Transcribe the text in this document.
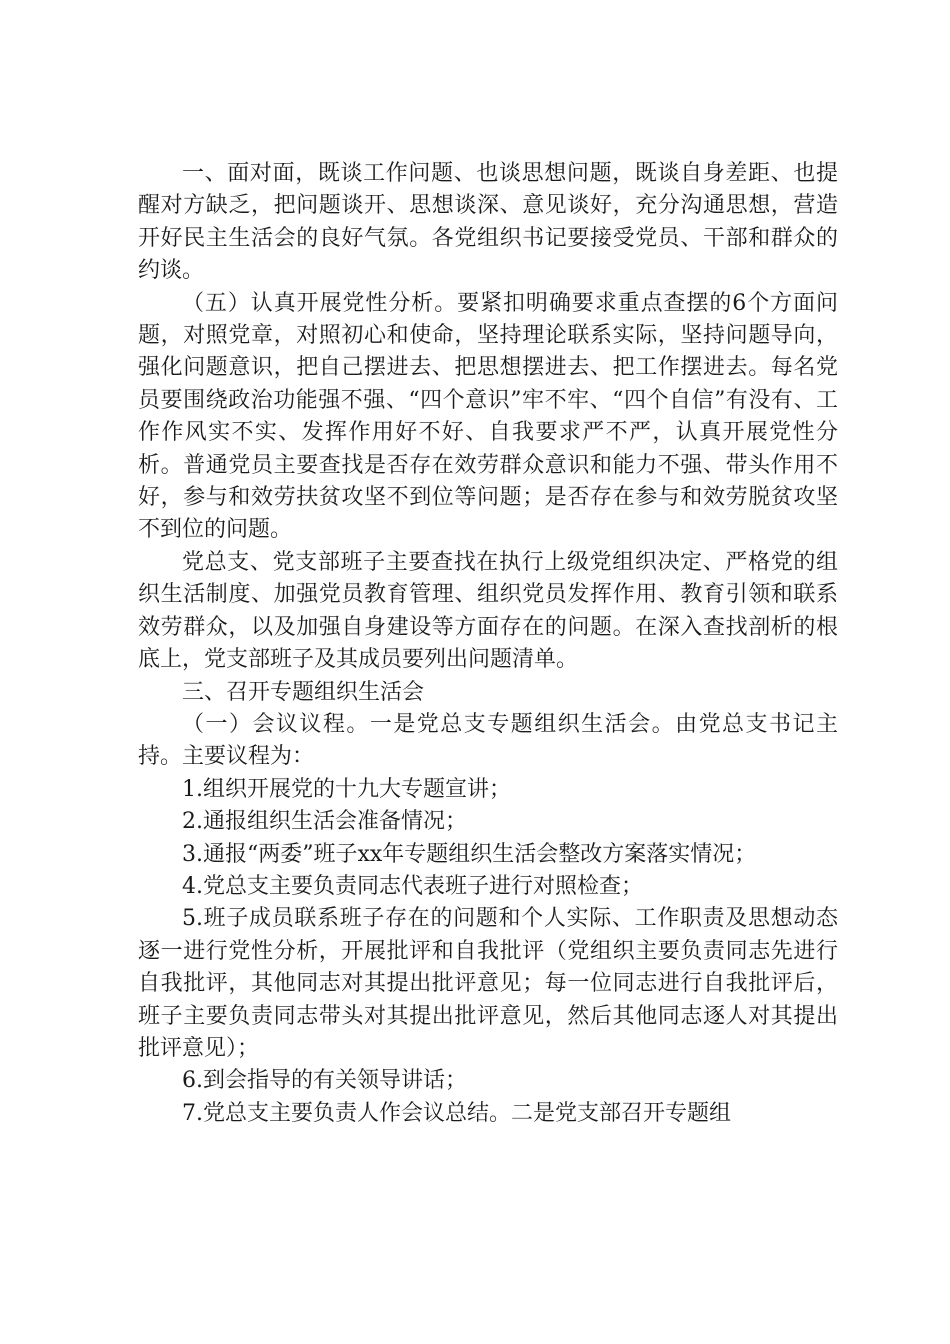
一、面对面，既谈工作问题、也谈思想问题，既谈自身差距、也提醒对方缺乏，把问题谈开、思想谈深、意见谈好，充分沟通思想，营造开好民主生活会的良好气氛。各党组织书记要接受党员、干部和群众的约谈。

（五）认真开展党性分析。要紧扣明确要求重点查摆的6个方面问题，对照党章，对照初心和使命，坚持理论联系实际，坚持问题导向，强化问题意识，把自己摆进去、把思想摆进去、把工作摆进去。每名党员要围绕政治功能强不强、“四个意识”牢不牢、“四个自信”有没有、工作作风实不实、发挥作用好不好、自我要求严不严，认真开展党性分析。普通党员主要查找是否存在效劳群众意识和能力不强、带头作用不好，参与和效劳扶贫攻坚不到位等问题；是否存在参与和效劳脱贫攻坚不到位的问题。

党总支、党支部班子主要查找在执行上级党组织决定、严格党的组织生活制度、加强党员教育管理、组织党员发挥作用、教育引领和联系效劳群众，以及加强自身建设等方面存在的问题。在深入查找剖析的根底上，党支部班子及其成员要列出问题清单。

三、召开专题组织生活会

（一）会议议程。一是党总支专题组织生活会。由党总支书记主持。主要议程为：

1.组织开展党的十九大专题宣讲；

2.通报组织生活会准备情况；

3.通报“两委”班子xx年专题组织生活会整改方案落实情况；

4.党总支主要负责同志代表班子进行对照检查；

5.班子成员联系班子存在的问题和个人实际、工作职责及思想动态逐一进行党性分析，开展批评和自我批评（党组织主要负责同志先进行自我批评，其他同志对其提出批评意见；每一位同志进行自我批评后，班子主要负责同志带头对其提出批评意见，然后其他同志逐人对其提出批评意见）；

6.到会指导的有关领导讲话；

7.党总支主要负责人作会议总结。二是党支部召开专题组
